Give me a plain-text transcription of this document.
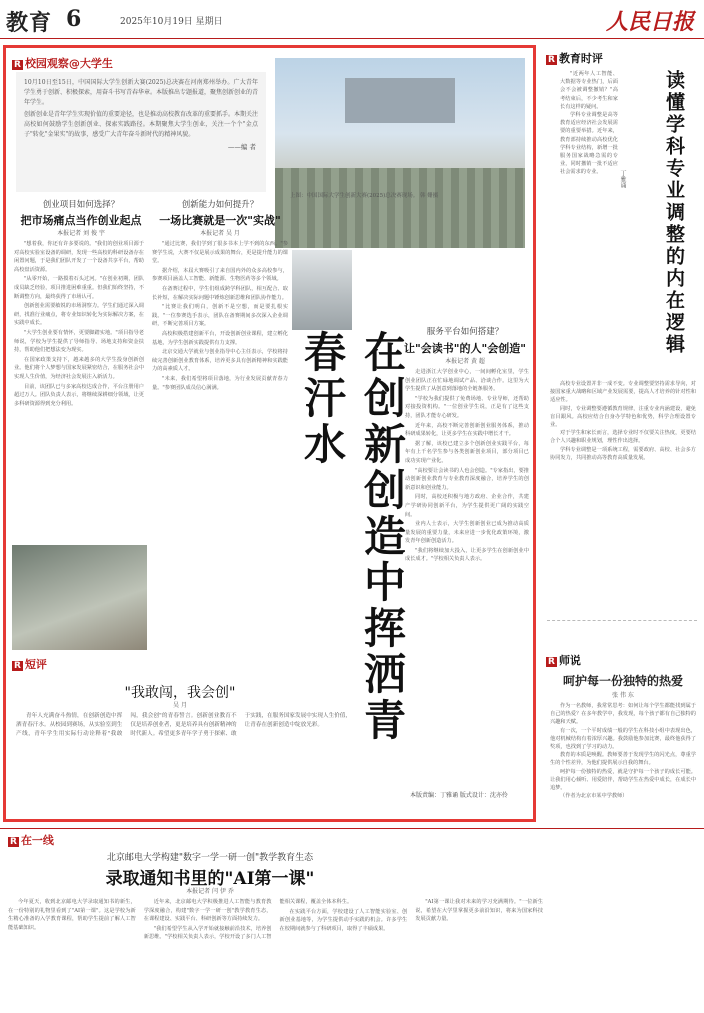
教育 6	2025年10月19日 星期日	人民日报
R 校园观察@大学生
10月10日至15日，中国国际大学生创新大赛(2025)总决赛在河南郑州举办。广大青年学生勇于创新、积极探索，用奋斗书写青春华章。本版推出专题报道，聚焦创新创业的青年学生。
创新创业是青年学生实现价值的重要途径，也是推动高校教育改革的重要抓手。本期关注高校如何鼓励学生创新创业、探索实践路径。本期聚焦大学生创业，关注一个个"金点子"转化"金果实"的故事，感受广大青年奋斗新时代的精神风貌。
——编 者
上图：中国国际大学生创新大赛(2025)总决赛现场。 韩 姗摄
创业项目如何选择？
把市场痛点当作创业起点
本报记者 刘 俊 宇

"想着我，你还有许多要说的。"我们的创业项目源于对高校实验室设备的调研，发现一些高校的科研设备存在闲置问题，于是我们团队开发了一个设备共享平台，帮助高校盘活资源。

"从零开始，一路摸着石头过河。"在创业初期，团队成员缺乏经验，项目推进困难重重。但我们始终坚持，不断调整方向，最终获得了市场认可。

创新创业需要敏锐的市场洞察力。学生们通过深入调研，找准行业痛点，将专业知识转化为实际解决方案，在实践中成长。

"大学生创业要有情怀，更要脚踏实地。"项目指导老师说，学校为学生提供了导师指导、场地支持和资金扶持，帮助他们把想法变为现实。

在国家政策支持下，越来越多的大学生投身创新创业。他们将个人梦想与国家发展紧密结合，在服务社会中实现人生价值，为经济社会发展注入新活力。

目前，该团队已与多家高校达成合作，平台注册用户超过万人。团队负责人表示，将继续深耕细分领域，让更多科研资源得到充分利用。

创新能力如何提升？
一场比赛就是一次"实战"
本报记者 吴 月

"通过比赛，我们学到了很多书本上学不到的东西。"参赛学生说，大赛不仅是展示成果的舞台，更是提升能力的课堂。

据介绍，本届大赛吸引了来自国内外的众多高校参与，参赛项目涵盖人工智能、新能源、生物医药等多个领域。

在备赛过程中，学生们组成跨学科团队，相互配合、取长补短，在解决实际问题中锤炼创新思维和团队协作能力。

"比赛让我们明白，创新不是空想，而是要扎根实践。"一位参赛选手表示，团队在备赛期间多次深入企业调研，不断完善项目方案。

高校积极搭建创新平台，开设创新创业课程，建立孵化基地，为学生创新实践提供有力支撑。

北京交通大学就业与创业指导中心主任表示，学校将持续完善创新创业教育体系，培养更多具有创新精神和实践能力的高素质人才。

"未来，我们希望将项目落地，为行业发展贡献青春力量。"参赛团队成员信心满满。	在创新创造中挥洒青春汗水	服务平台如何搭建？
让"会读书"的人"会创造"
本报记者 黄 超

走进浙江大学创业中心，一间间孵化室里，学生创业团队正在忙碌地调试产品、洽谈合作。这里为大学生提供了从创意到落地的全链条服务。

"学校为我们提供了免费场地、专业导师，还帮助对接投资机构。"一位创业学生说，正是有了这些支持，团队才能专心研发。

近年来，高校不断完善创新创业服务体系，推动科研成果转化，让更多学生在实践中增长才干。

据了解，该校已建立多个创新创业实践平台，每年有上千名学生参与各类创新创业项目，部分项目已成功实现产业化。

"高校要让会读书的人也会创造。"专家指出，要推动创新创业教育与专业教育深度融合，培养学生的创新意识和创业能力。

同时，高校还积极与地方政府、企业合作，共建产学研协同创新平台，为学生提供更广阔的实践空间。

业内人士表示，大学生创新创业已成为推动高质量发展的重要力量，未来应进一步优化政策环境，激发青年创新创造活力。

"我们将继续加大投入，让更多学生在创新创业中成长成才。"学校相关负责人表示。

本版责编：丁雅诵 版式设计：沈亦伶
R 短评
"我敢闯，我会创"
吴 月

青年人充满奋斗热情，在创新创造中挥洒青春汗水。从校园到赛场，从实验室到生产线，青年学生用实际行动诠释着"我敢闯，我会创"的青春誓言。创新创业教育不仅是培养创业者，更是培养具有创新精神的时代新人。希望更多青年学子勇于探索、敢于实践，在服务国家发展中实现人生价值，让青春在创新创造中绽放光彩。

R 教育时评
读懂学科专业调整的内在逻辑
丁雅诵

"近两年人工智能、大数据等专业热门，后面会不会被调整撤销？"高考结束后，不少考生和家长有这样的疑问。

学科专业调整是高等教育适应经济社会发展需要的重要举措。近年来，教育部持续推动高校优化学科专业结构，新增一批服务国家战略急需的专业，同时撤销一批不适应社会需求的专业。

高校专业设置并非一成不变。专业调整要坚持需求导向，对接国家重大战略和区域产业发展需要，提高人才培养的针对性和适应性。

同时，专业调整要遵循教育规律，注重专业内涵建设，避免盲目跟风。高校应结合自身办学特色和优势，科学合理设置专业。

对于学生和家长而言，选择专业时不仅要关注热度，更要结合个人兴趣和职业规划，理性作出选择。

学科专业调整是一项系统工程，需要政府、高校、社会多方协同发力，共同推动高等教育高质量发展。

R 师说
呵护每一份独特的热爱
张 伟 东

作为一名教师，我常常思考：如何让每个学生都能找到属于自己的热爱？在多年教学中，我发现，每个孩子都有自己独特的兴趣和天赋。

有一次，一个平时成绩一般的学生在科技小组中表现出色，他对机械结构有着浓厚兴趣。我鼓励他参加比赛，最终他获得了奖项，也找到了学习的动力。

教育的本质是唤醒。教师要善于发现学生的闪光点，尊重学生的个性差异，为他们提供展示自我的舞台。

呵护每一份独特的热爱，就是守护每一个孩子的成长可能。让我们用心倾听、用爱陪伴，帮助学生在热爱中成长，在成长中追梦。

（作者为北京市某中学教师）

R 在一线
北京邮电大学构建"数字一学一研一创"教学教育生态
录取通知书里的"AI第一课"
本报记者 闫 伊 乔

今年夏天，收到北京邮电大学录取通知书的新生，在一份特别的礼物里看到了"AI第一课"。这是学校为新生精心准备的入学教育课程，帮助学生提前了解人工智能基础知识。

近年来，北京邮电大学积极推进人工智能与教育教学深度融合，构建"数字一学一研一创"教学教育生态，在课程建设、实践平台、科研创新等方面持续发力。

"我们希望学生从入学开始就接触前沿技术，培养创新思维。"学校相关负责人表示，学校开设了多门人工智能相关课程，覆盖全体本科生。

在实践平台方面，学校建设了人工智能实验室、创新创业基地等，为学生提供动手实践的机会。许多学生在校期间就参与了科研项目，取得了丰硕成果。

"AI第一课让我对未来的学习充满期待。"一位新生说，希望在大学里掌握更多前沿知识，将来为国家科技发展贡献力量。
